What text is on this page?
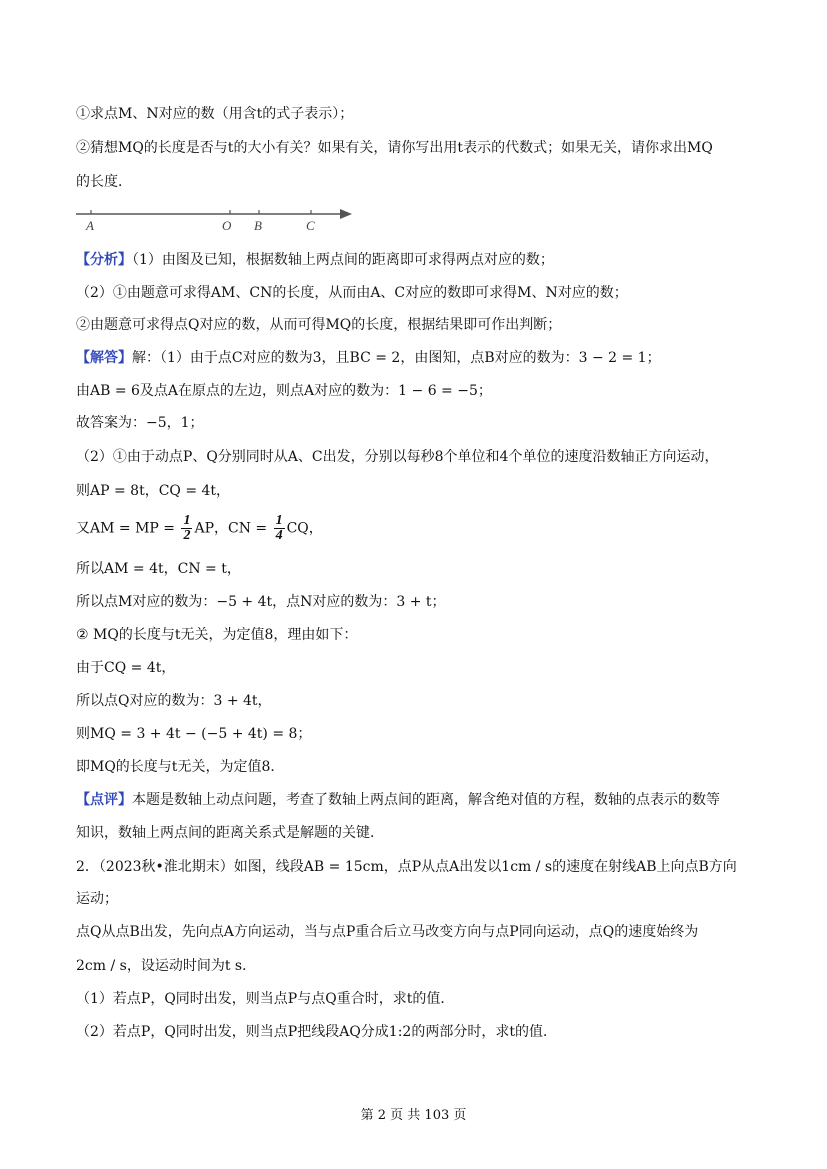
①求点M、N对应的数（用含t的式子表示）；
②猜想MQ的长度是否与t的大小有关？如果有关，请你写出用t表示的代数式；如果无关，请你求出MQ
的长度．
A	O B	C
【分析】（1）由图及已知，根据数轴上两点间的距离即可求得两点对应的数；
（2）①由题意可求得AM、CN的长度，从而由A、C对应的数即可求得M、N对应的数；
②由题意可求得点Q对应的数，从而可得MQ的长度，根据结果即可作出判断；
【解答】解：（1）由于点C对应的数为3，且BC = 2，由图知，点B对应的数为：3 − 2 = 1；
由AB = 6及点A在原点的左边，则点A对应的数为：1 − 6 = −5；
故答案为：−5，1；
（2）①由于动点P、Q分别同时从A、C出发，分别以每秒8个单位和4个单位的速度沿数轴正方向运动，
则AP = 8t，CQ = 4t，
又AM = MP = $\frac{1}{2}$ AP，CN = $\frac{1}{4}$ CQ，
所以AM = 4t，CN = t，
所以点M对应的数为：−5 + 4t，点N对应的数为：3 + t；
② MQ的长度与t无关，为定值8，理由如下：
由于CQ = 4t，
所以点Q对应的数为：3 + 4t，
则MQ = 3 + 4t − (−5 + 4t) = 8；
即MQ的长度与t无关，为定值8．
【点评】本题是数轴上动点问题，考查了数轴上两点间的距离，解含绝对值的方程，数轴的点表示的数等
知识，数轴上两点间的距离关系式是解题的关键．
2．（2023秋•淮北期末）如图，线段AB = 15cm，点P从点A出发以1cm / s的速度在射线AB上向点B方向
运动；
点Q从点B出发，先向点A方向运动，当与点P重合后立马改变方向与点P同向运动，点Q的速度始终为
2cm / s，设运动时间为t s．
（1）若点P，Q同时出发，则当点P与点Q重合时，求t的值．
（2）若点P，Q同时出发，则当点P把线段AQ分成1:2的两部分时，求t的值．
第 2 页 共 103 页
